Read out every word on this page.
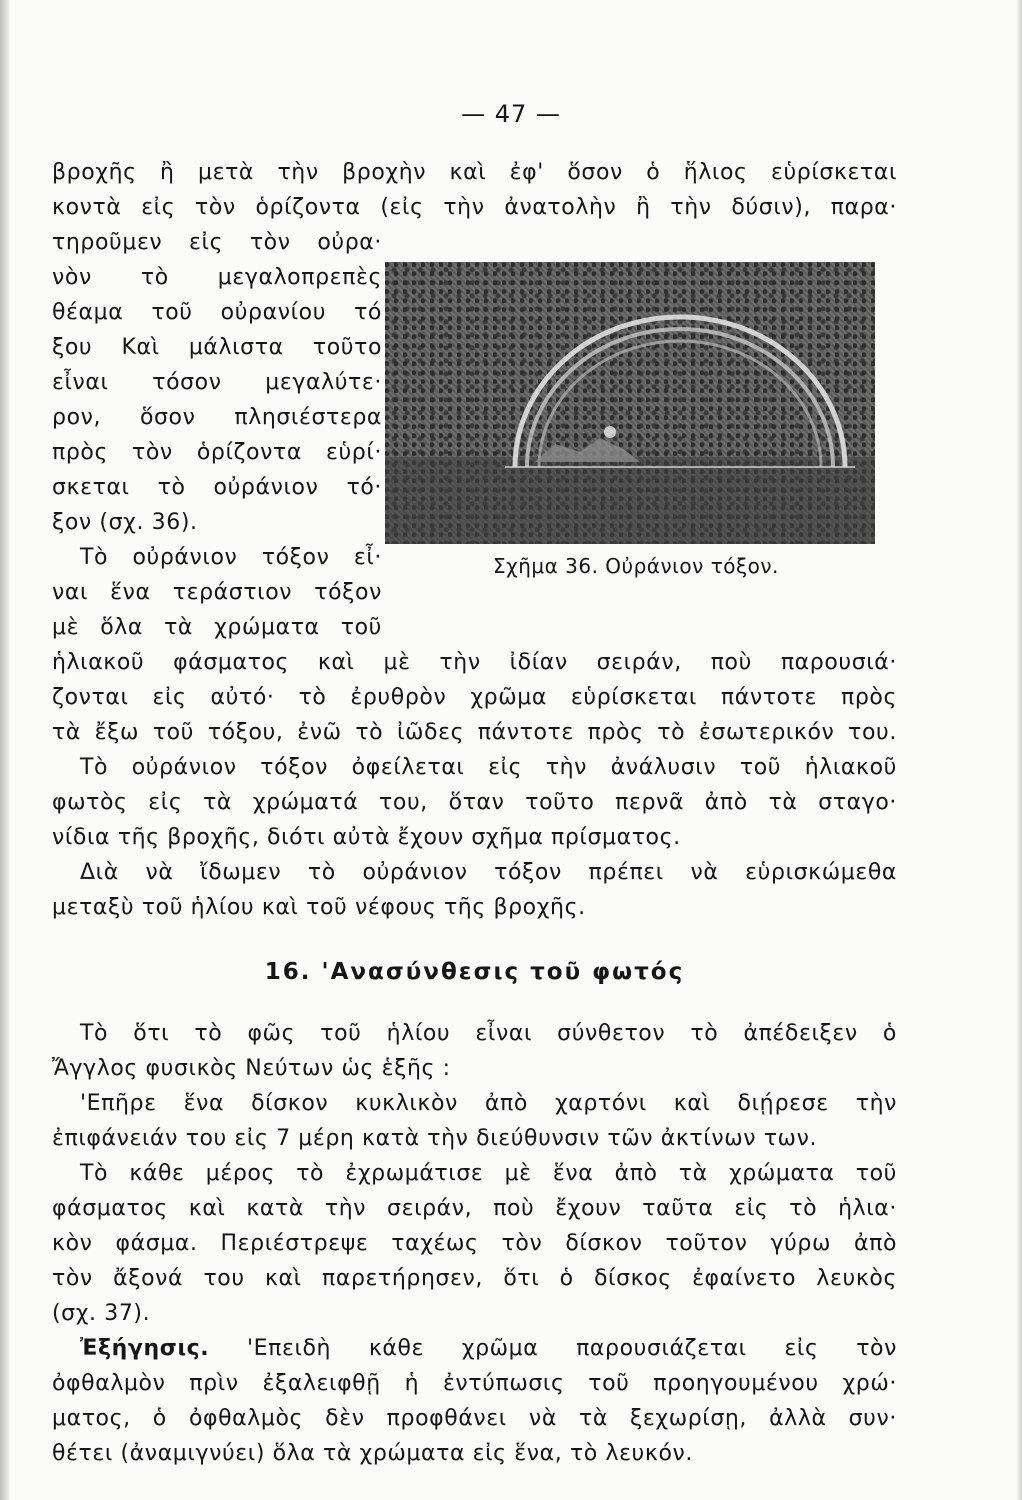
— 47 —

βροχῆς ἢ μετὰ τὴν βροχὴν καὶ ἐφ' ὅσον ὁ ἥλιος εὑρίσκεται
κοντὰ εἰς τὸν ὁρίζοντα (εἰς τὴν ἀνατολὴν ἢ τὴν δύσιν), παρα·
τηροῦμεν εἰς τὸν οὐρα·
νὸν τὸ μεγαλοπρεπὲς
θέαμα τοῦ οὐρανίου τό
ξου Καὶ μάλιστα τοῦτο
εἶναι τόσον μεγαλύτε·
ρον, ὅσον πλησιέστερα
πρὸς τὸν ὁρίζοντα εὑρί·
σκεται τὸ οὐράνιον τό·
ξον (σχ. 36).

Τὸ οὐράνιον τόξον εἶ·
ναι ἕνα τεράστιον τόξον
μὲ ὅλα τὰ χρώματα τοῦ
ἡλιακοῦ φάσματος καὶ μὲ τὴν ἰδίαν σειράν, ποὺ παρουσιά·
ζονται εἰς αὐτό· τὸ ἐρυθρὸν χρῶμα εὑρίσκεται πάντοτε πρὸς
τὰ ἔξω τοῦ τόξου, ἐνῶ τὸ ἰῶδες πάντοτε πρὸς τὸ ἐσωτερικόν του.

Τὸ οὐράνιον τόξον ὀφείλεται εἰς τὴν ἀνάλυσιν τοῦ ἡλιακοῦ
φωτὸς εἰς τὰ χρώματά του, ὅταν τοῦτο περνᾶ ἀπὸ τὰ σταγο·
νίδια τῆς βροχῆς, διότι αὐτὰ ἔχουν σχῆμα πρίσματος.

Διὰ νὰ ἴδωμεν τὸ οὐράνιον τόξον πρέπει νὰ εὑρισκώμεθα
μεταξὺ τοῦ ἡλίου καὶ τοῦ νέφους τῆς βροχῆς.

16. 'Ανασύνθεσις τοῦ φωτός

Τὸ ὅτι τὸ φῶς τοῦ ἡλίου εἶναι σύνθετον τὸ ἀπέδειξεν ὁ
Ἄγγλος φυσικὸς Νεύτων ὡς ἑξῆς :

'Επῆρε ἕνα δίσκον κυκλικὸν ἀπὸ χαρτόνι καὶ διῄρεσε τὴν
ἐπιφάνειάν του εἰς 7 μέρη κατὰ τὴν διεύθυνσιν τῶν ἀκτίνων των.

Τὸ κάθε μέρος τὸ ἐχρωμάτισε μὲ ἕνα ἀπὸ τὰ χρώματα τοῦ
φάσματος καὶ κατὰ τὴν σειράν, ποὺ ἔχουν ταῦτα εἰς τὸ ἡλια·
κὸν φάσμα. Περιέστρεψε ταχέως τὸν δίσκον τοῦτον γύρω ἀπὸ
τὸν ἄξονά του καὶ παρετήρησεν, ὅτι ὁ δίσκος ἐφαίνετο λευκὸς
(σχ. 37).

Ἐξήγησις. 'Επειδὴ κάθε χρῶμα παρουσιάζεται εἰς τὸν
ὀφθαλμὸν πρὶν ἐξαλειφθῇ ἡ ἐντύπωσις τοῦ προηγουμένου χρώ·
ματος, ὁ ὀφθαλμὸς δὲν προφθάνει νὰ τὰ ξεχωρίσῃ, ἀλλὰ συν·
θέτει (ἀναμιγνύει) ὅλα τὰ χρώματα εἰς ἕνα, τὸ λευκόν.

Σχῆμα 36. Οὐράνιον τόξον.
